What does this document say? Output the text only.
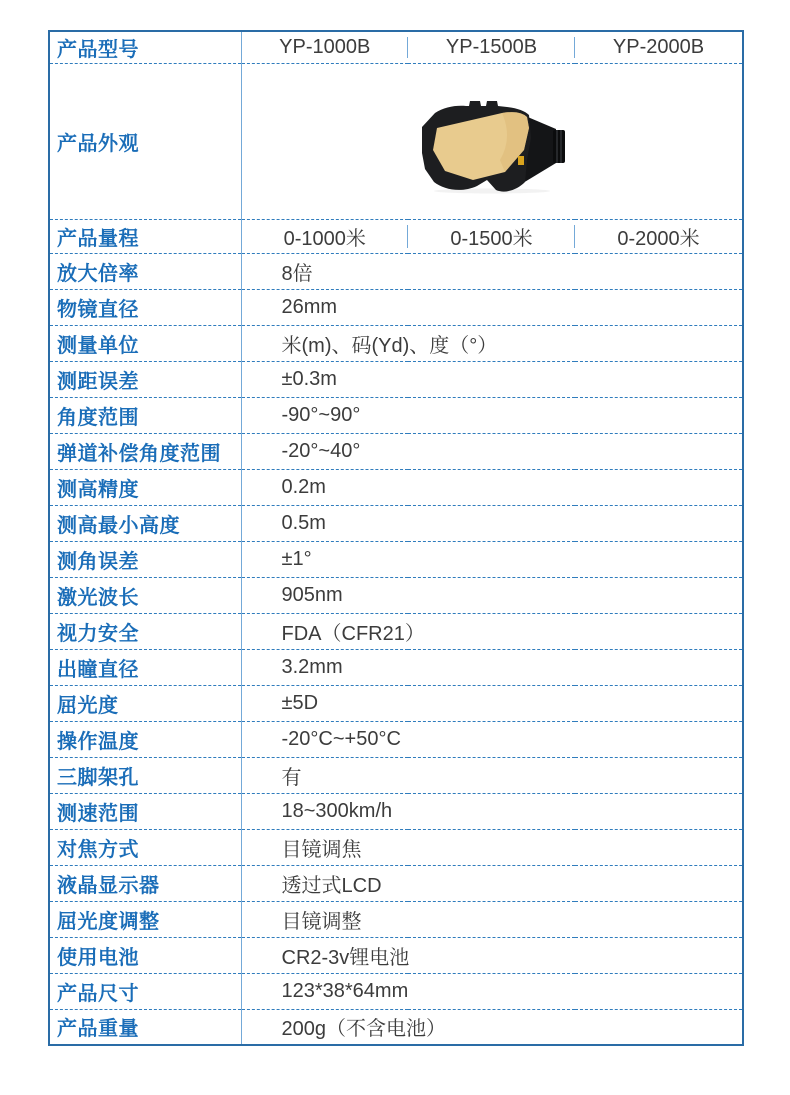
产品型号	YP-1000B	YP-1500B	YP-2000B
产品外观	
产品量程	0-1000米	0-1500米	0-2000米
放大倍率	8倍		
物镜直径	26mm		
测量单位	米(m)、码(Yd)、度（°）		
测距误差	±0.3m		
角度范围	-90°~90°		
弹道补偿角度范围	-20°~40°		
测高精度	0.2m		
测高最小高度	0.5m		
测角误差	±1°		
激光波长	905nm		
视力安全	FDA（CFR21）		
出瞳直径	3.2mm		
屈光度	±5D		
操作温度	-20°C~+50°C		
三脚架孔	有		
测速范围	18~300km/h		
对焦方式	目镜调焦		
液晶显示器	透过式LCD		
屈光度调整	目镜调整		
使用电池	CR2-3v锂电池		
产品尺寸	123*38*64mm		
产品重量	200g（不含电池）		
